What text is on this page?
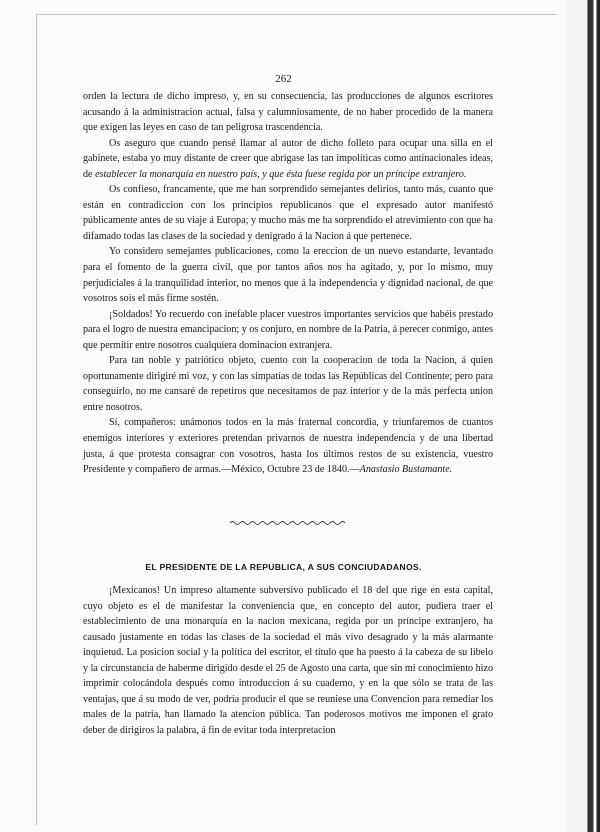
262

orden la lectura de dicho impreso, y, en su consecuencia, las producciones de algunos escritores acusando á la administracion actual, falsa y calumniosamente, de no haber procedido de la manera que exigen las leyes en caso de tan peligrosa trascendencia.

Os aseguro que cuando pensé llamar al autor de dicho folleto para ocupar una silla en el gabinete, estaba yo muy distante de creer que abrigase las tan impolíticas como antinacionales ideas, de establecer la monarquía en nuestro país, y que ésta fuese regida por un príncipe extranjero.

Os confieso, francamente, que me han sorprendido semejantes delirios, tanto más, cuanto que están en contradiccion con los principios republicanos que el expresado autor manifestó públicamente antes de su viaje á Europa; y mucho más me ha sorprendido el atrevimiento con que ha difamado todas las clases de la sociedad y denigrado á la Nacion á que pertenece.

Yo considero semejantes publicaciones, como la ereccion de un nuevo estandarte, levantado para el fomento de la guerra civil, que por tantos años nos ha agitado, y, por lo mismo, muy perjudiciales á la tranquilidad interior, no menos que á la independencia y dignidad nacional, de que vosotros sois el más firme sostén.

¡Soldados! Yo recuerdo con inefable placer vuestros importantes servicios que habéis prestado para el logro de nuestra emancipacion; y os conjuro, en nombre de la Patria, á perecer conmigo, antes que permitir entre nosotros cualquiera dominacion extranjera.

Para tan noble y patriótico objeto, cuento con la cooperacion de toda la Nacion, á quien oportunamente dirigiré mi voz, y con las simpatías de todas las Repúblicas del Continente; pero para conseguirlo, no me cansaré de repetiros que necesitamos de paz interior y de la más perfecta union entre nosotros.

Sí, compañeros: unámonos todos en la más fraternal concordia, y triunfaremos de cuantos enemigos interiores y exteriores pretendan privarnos de nuestra independencia y de una libertad justa, á que protesta consagrar con vosotros, hasta los últimos restos de su existencia, vuestro Presidente y compañero de armas.—México, Octubre 23 de 1840.—Anastasio Bustamante.

EL PRESIDENTE DE LA REPUBLICA, A SUS CONCIUDADANOS.

¡Mexicanos! Un impreso altamente subversivo publicado el 18 del que rige en esta capital, cuyo objeto es el de manifestar la conveniencia que, en concepto del autor, pudiera traer el establecimiento de una monarquía en la nacion mexicana, regida por un príncipe extranjero, ha causado justamente en todas las clases de la sociedad el más vivo desagrado y la más alarmante inquietud. La posicion social y la política del escritor, el título que ha puesto á la cabeza de su libelo y la circunstancia de haberme dirigido desde el 25 de Agosto una carta, que sin mi conocimiento hizo imprimir colocándola después como introduccion á su cuaderno, y en la que sólo se trata de las ventajas, que á su modo de ver, podría producir el que se reuniese una Convencion para remediar los males de la patria, han llamado la atencion pública. Tan poderosos motivos me imponen el grato deber de dirigiros la palabra, á fin de evitar toda interpretacion
